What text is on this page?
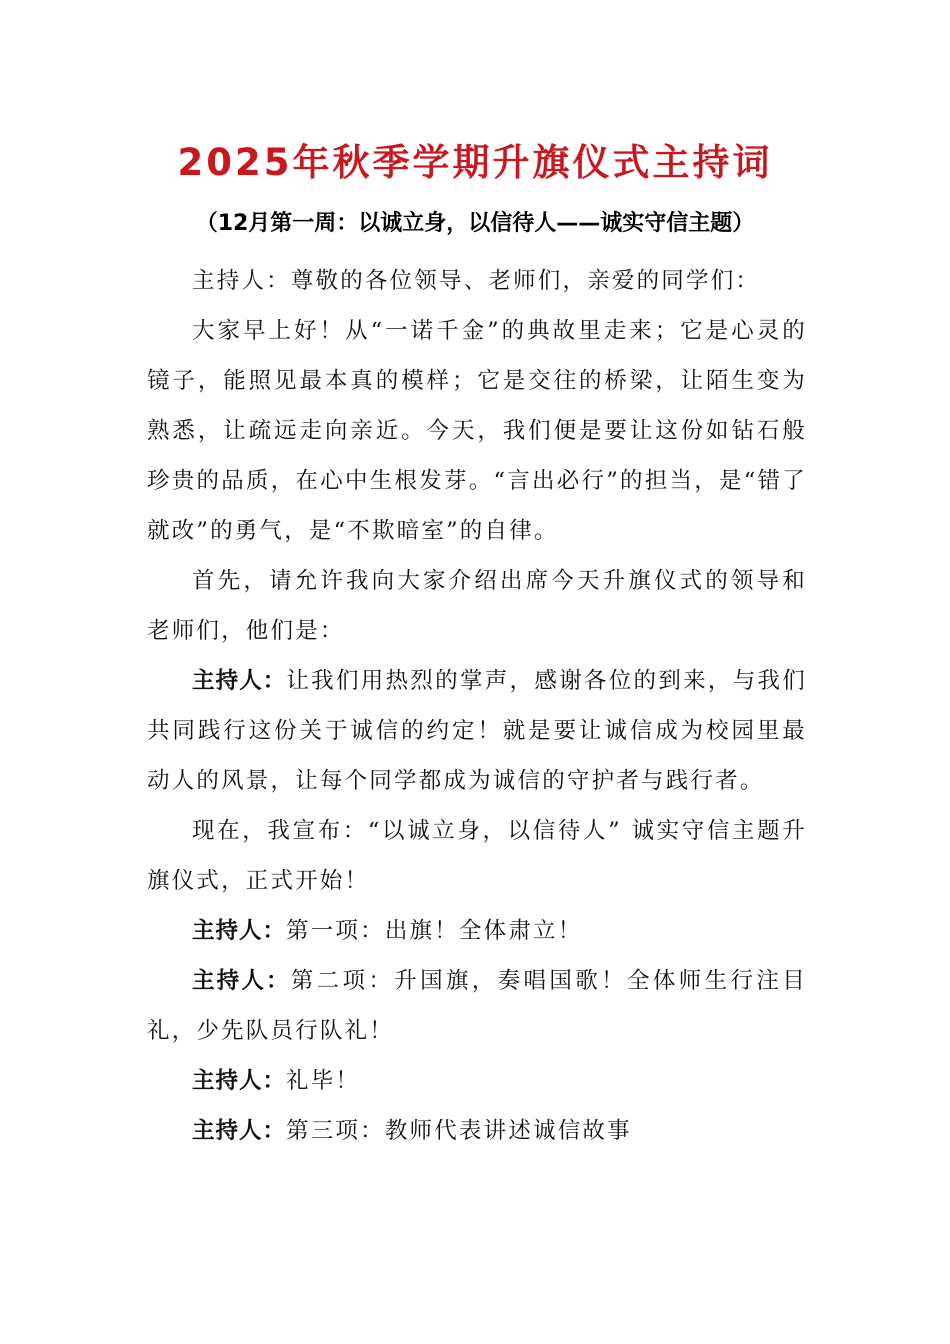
2025年秋季学期升旗仪式主持词
（12月第一周：以诚立身，以信待人——诚实守信主题）

主持人：尊敬的各位领导、老师们，亲爱的同学们：

大家早上好！从“一诺千金”的典故里走来；它是心灵的镜子，能照见最本真的模样；它是交往的桥梁，让陌生变为熟悉，让疏远走向亲近。今天，我们便是要让这份如钻石般珍贵的品质，在心中生根发芽。“言出必行”的担当，是“错了就改”的勇气，是“不欺暗室”的自律。

首先，请允许我向大家介绍出席今天升旗仪式的领导和老师们，他们是：

主持人：让我们用热烈的掌声，感谢各位的到来，与我们共同践行这份关于诚信的约定！就是要让诚信成为校园里最动人的风景，让每个同学都成为诚信的守护者与践行者。

现在，我宣布：“以诚立身，以信待人” 诚实守信主题升旗仪式，正式开始！

主持人：第一项：出旗！全体肃立！

主持人：第二项：升国旗，奏唱国歌！全体师生行注目礼，少先队员行队礼！

主持人：礼毕！

主持人：第三项：教师代表讲述诚信故事
